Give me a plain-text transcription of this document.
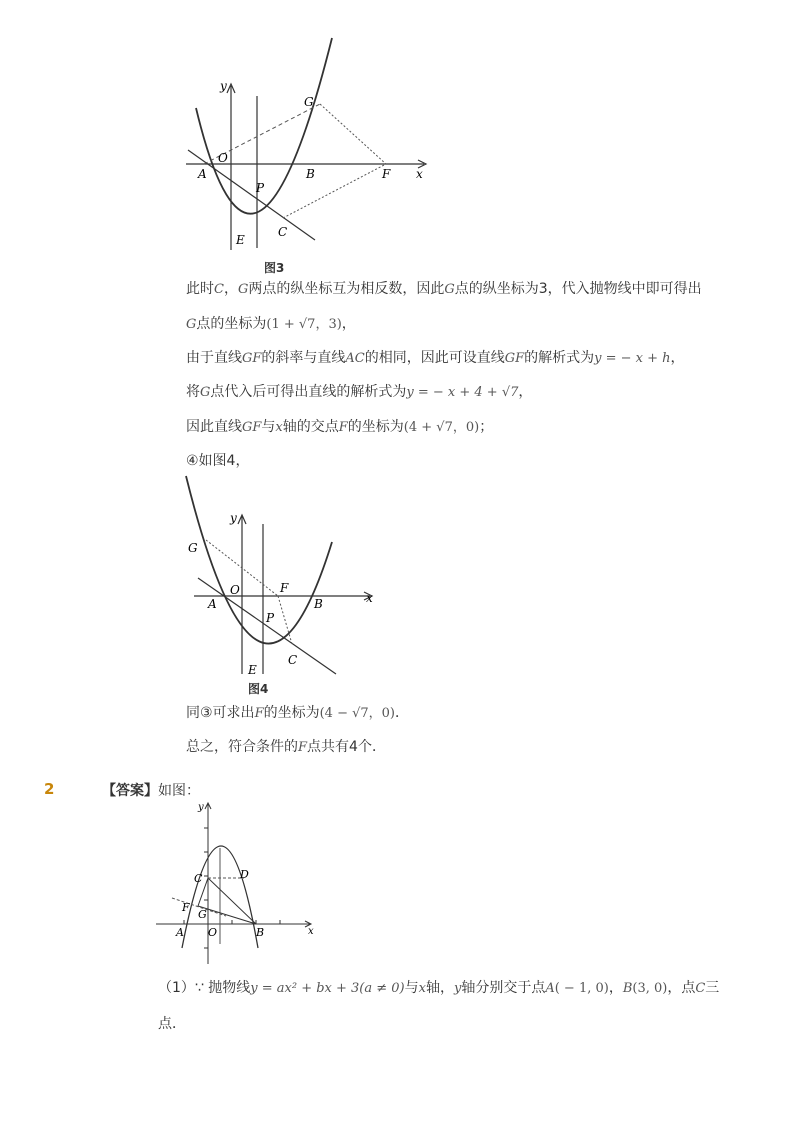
y
x
O
A	B	F
P
C
E
G
图3
此时C，G两点的纵坐标互为相反数，因此G点的纵坐标为3，代入抛物线中即可得出
G点的坐标为(1 + √7，3)，
由于直线GF的斜率与直线AC的相同，因此可设直线GF的解析式为y = − x + h，
将G点代入后可得出直线的解析式为y = − x + 4 + √7，
因此直线GF与x轴的交点F的坐标为(4 + √7，0)；
④如图4，
y
x
O
A	B
F
P
C
E
G
图4
同③可求出F的坐标为(4 − √7，0)．
总之，符合条件的F点共有4个．
2	【答案】如图：
y
x
O
A	B
C	D
F
G
（1）∵ 抛物线y = ax² + bx + 3(a ≠ 0)与x轴，y轴分别交于点A( − 1, 0)，B(3, 0)，点C三
点．
